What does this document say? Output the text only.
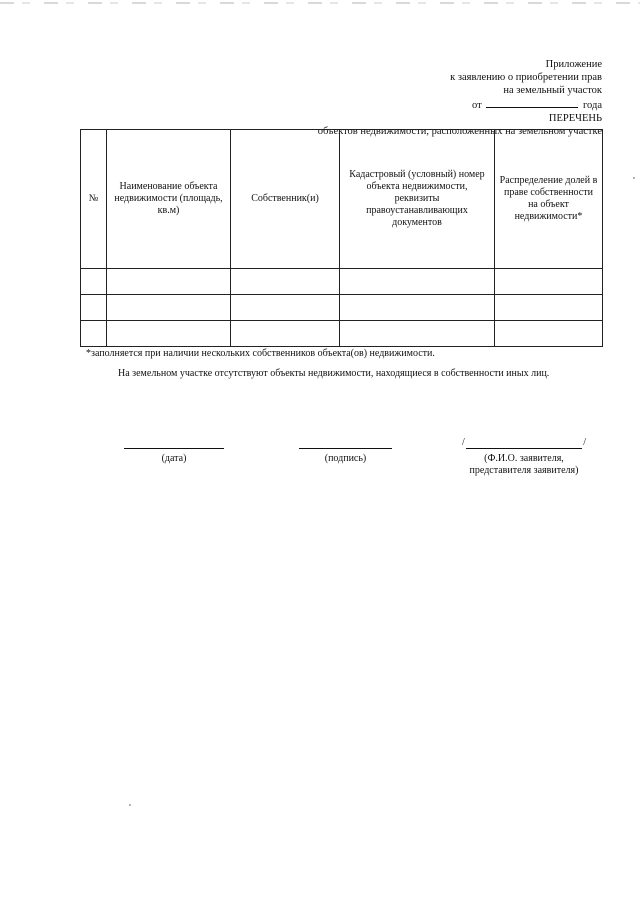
Приложение
к заявлению о приобретении прав
на земельный участок
от	года
ПЕРЕЧЕНЬ
объектов недвижимости, расположенных на земельном участке
№	Наименование объекта недвижимости (площадь, кв.м)	Собственник(и)	Кадастровый (условный) номер объекта недвижимости, реквизиты правоустанавливающих документов	Распределение долей в праве собственности на объект недвижимости*

*заполняется при наличии нескольких собственников объекта(ов) недвижимости.
На земельном участке отсутствуют объекты недвижимости, находящиеся в собственности иных лиц.
(дата)	(подпись)
/	/
(Ф.И.О. заявителя,
представителя заявителя)
